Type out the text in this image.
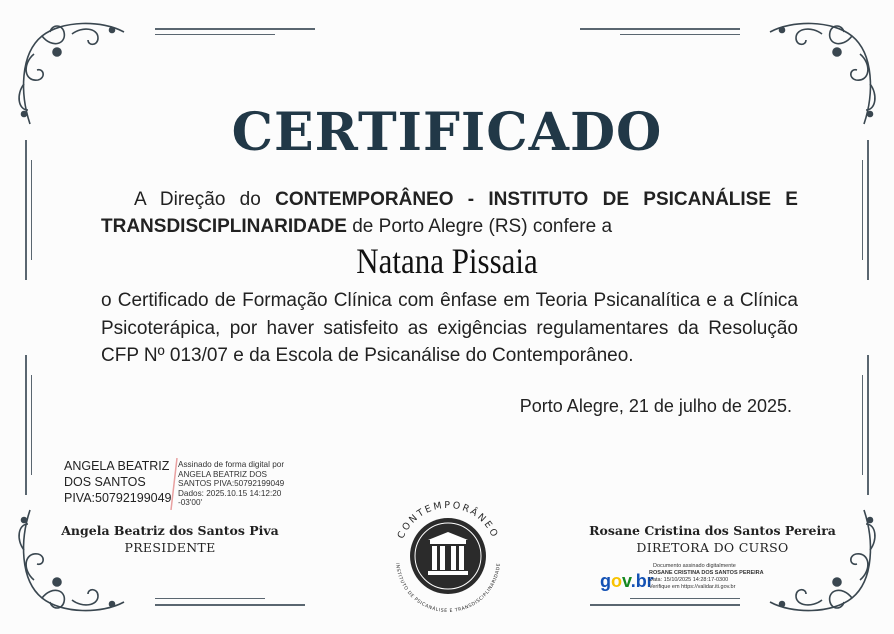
CERTIFICADO
A Direção do CONTEMPORÂNEO - INSTITUTO DE PSICANÁLISE E TRANSDISCIPLINARIDADE de Porto Alegre (RS) confere a
Natana Pissaia
o Certificado de Formação Clínica com ênfase em Teoria Psicanalítica e a Clínica Psicoterápica, por haver satisfeito as exigências regulamentares da Resolução CFP Nº 013/07 e da Escola de Psicanálise do Contemporâneo.
Porto Alegre, 21 de julho de 2025.
ANGELA BEATRIZ DOS SANTOS PIVA:50792199049
Assinado de forma digital por ANGELA BEATRIZ DOS SANTOS PIVA:50792199049 Dados: 2025.10.15 14:12:20 -03'00'
Angela Beatriz dos Santos Piva
PRESIDENTE
CONTEMPORÂNEO
INSTITUTO DE PSICANÁLISE E TRANSDISCIPLINARIDADE
Rosane Cristina dos Santos Pereira
DIRETORA DO CURSO
gov.br
Documento assinado digitalmente
ROSANE CRISTINA DOS SANTOS PEREIRA
Data: 15/10/2025 14:28:17-0300
Verifique em https://validar.iti.gov.br
